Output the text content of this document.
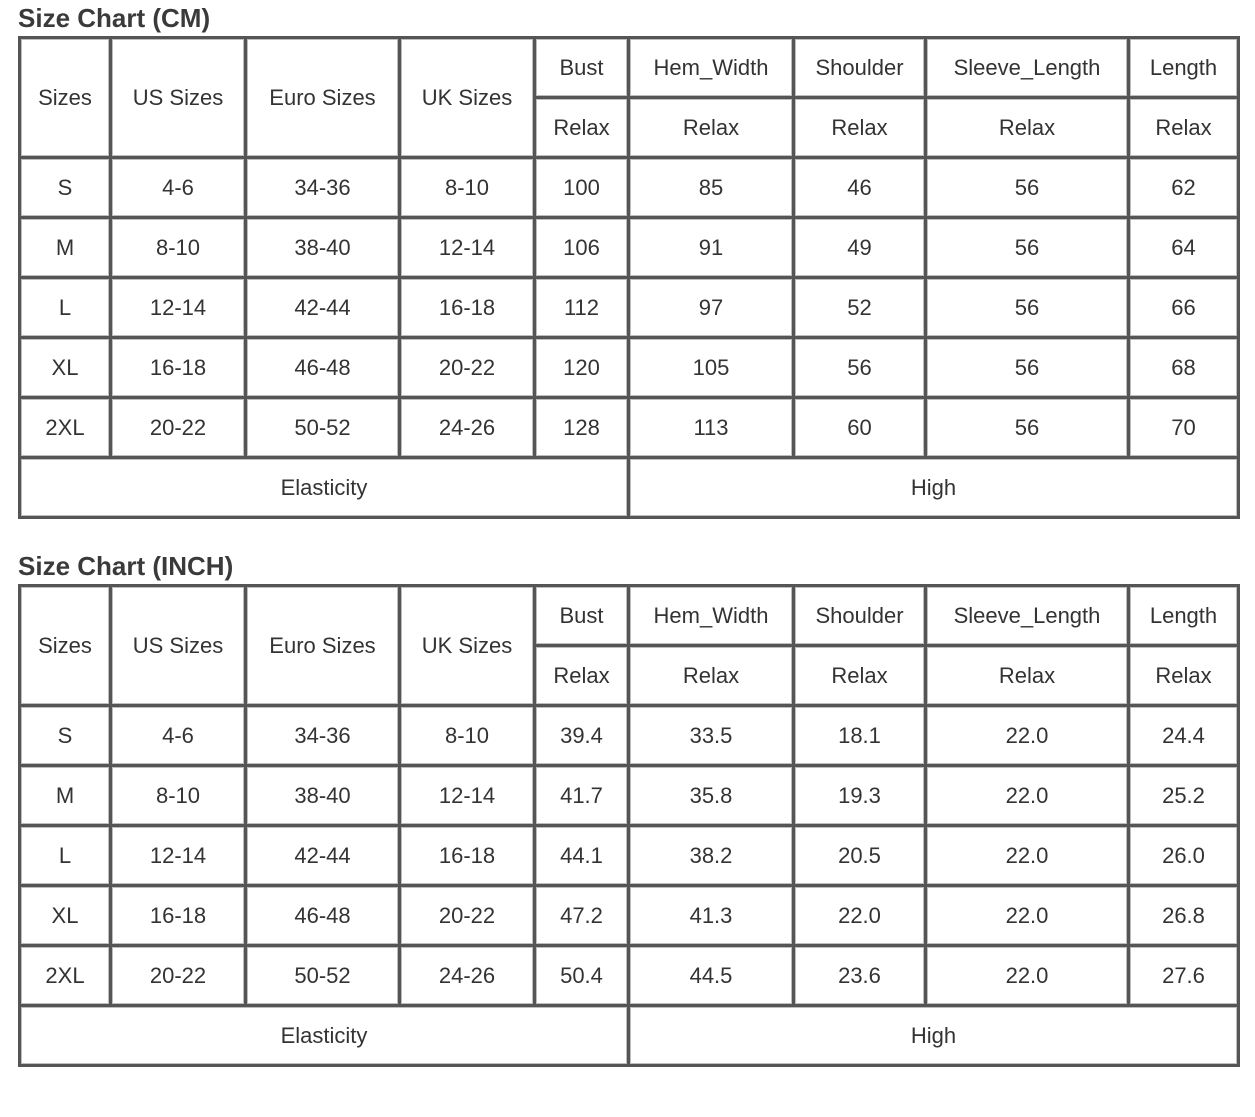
Size Chart (CM)
Sizes	US Sizes	Euro Sizes	UK Sizes	Bust	Hem_Width	Shoulder	Sleeve_Length	Length
				Relax	Relax	Relax	Relax	Relax
S	4-6	34-36	8-10	100	85	46	56	62
M	8-10	38-40	12-14	106	91	49	56	64
L	12-14	42-44	16-18	112	97	52	56	66
XL	16-18	46-48	20-22	120	105	56	56	68
2XL	20-22	50-52	24-26	128	113	60	56	70
Elasticity					High			
Size Chart (INCH)
Sizes	US Sizes	Euro Sizes	UK Sizes	Bust	Hem_Width	Shoulder	Sleeve_Length	Length
				Relax	Relax	Relax	Relax	Relax
S	4-6	34-36	8-10	39.4	33.5	18.1	22.0	24.4
M	8-10	38-40	12-14	41.7	35.8	19.3	22.0	25.2
L	12-14	42-44	16-18	44.1	38.2	20.5	22.0	26.0
XL	16-18	46-48	20-22	47.2	41.3	22.0	22.0	26.8
2XL	20-22	50-52	24-26	50.4	44.5	23.6	22.0	27.6
Elasticity					High			
